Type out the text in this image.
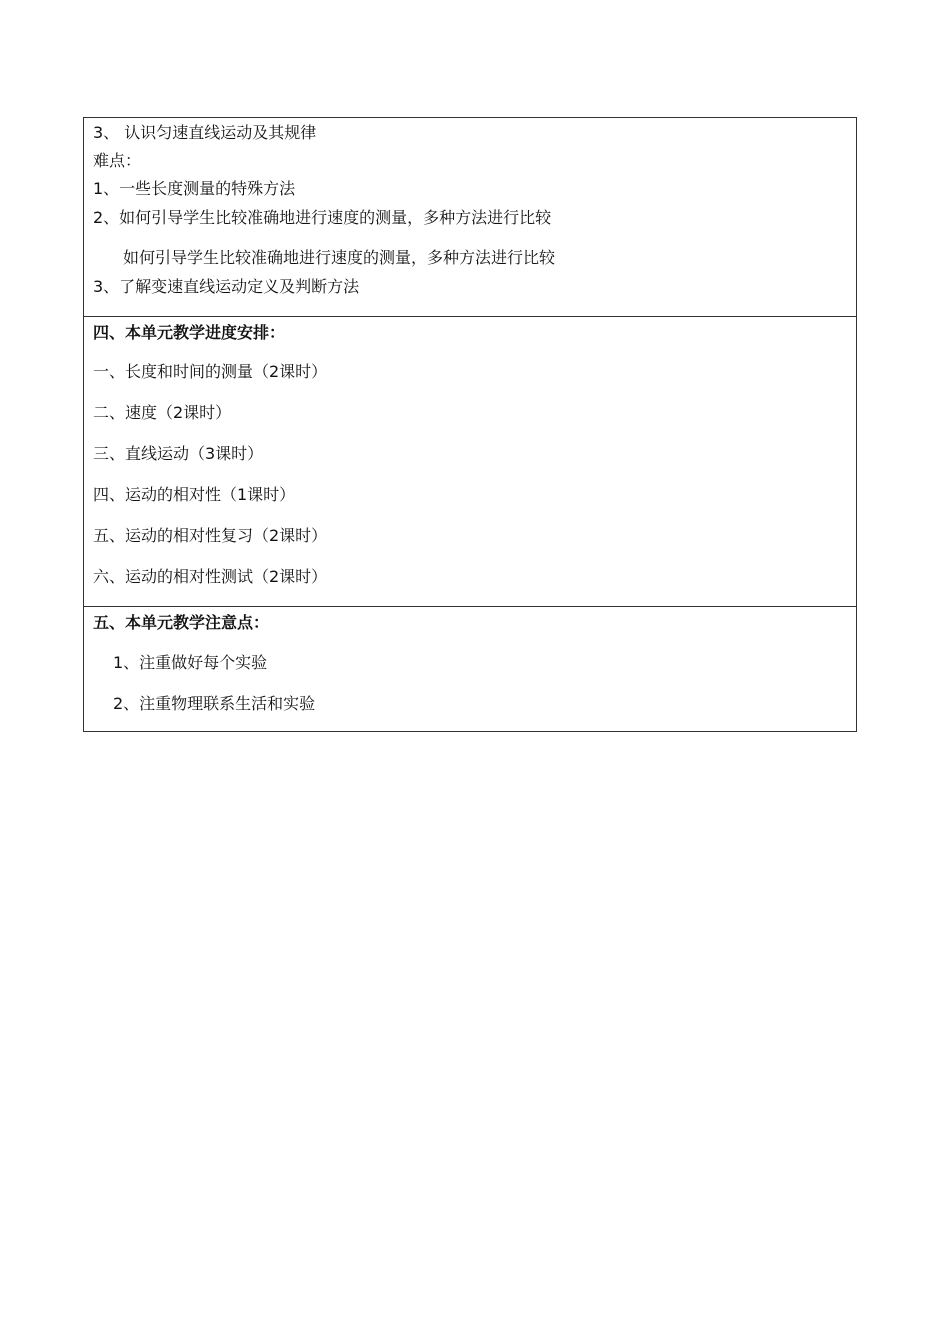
3、 认识匀速直线运动及其规律
难点：
1、一些长度测量的特殊方法
2、如何引导学生比较准确地进行速度的测量，多种方法进行比较
如何引导学生比较准确地进行速度的测量，多种方法进行比较
3、了解变速直线运动定义及判断方法
四、本单元教学进度安排：
一、长度和时间的测量（2课时）
二、速度（2课时）
三、直线运动（3课时）
四、运动的相对性（1课时）
五、运动的相对性复习（2课时）
六、运动的相对性测试（2课时）
五、本单元教学注意点：
1、注重做好每个实验
2、注重物理联系生活和实验
